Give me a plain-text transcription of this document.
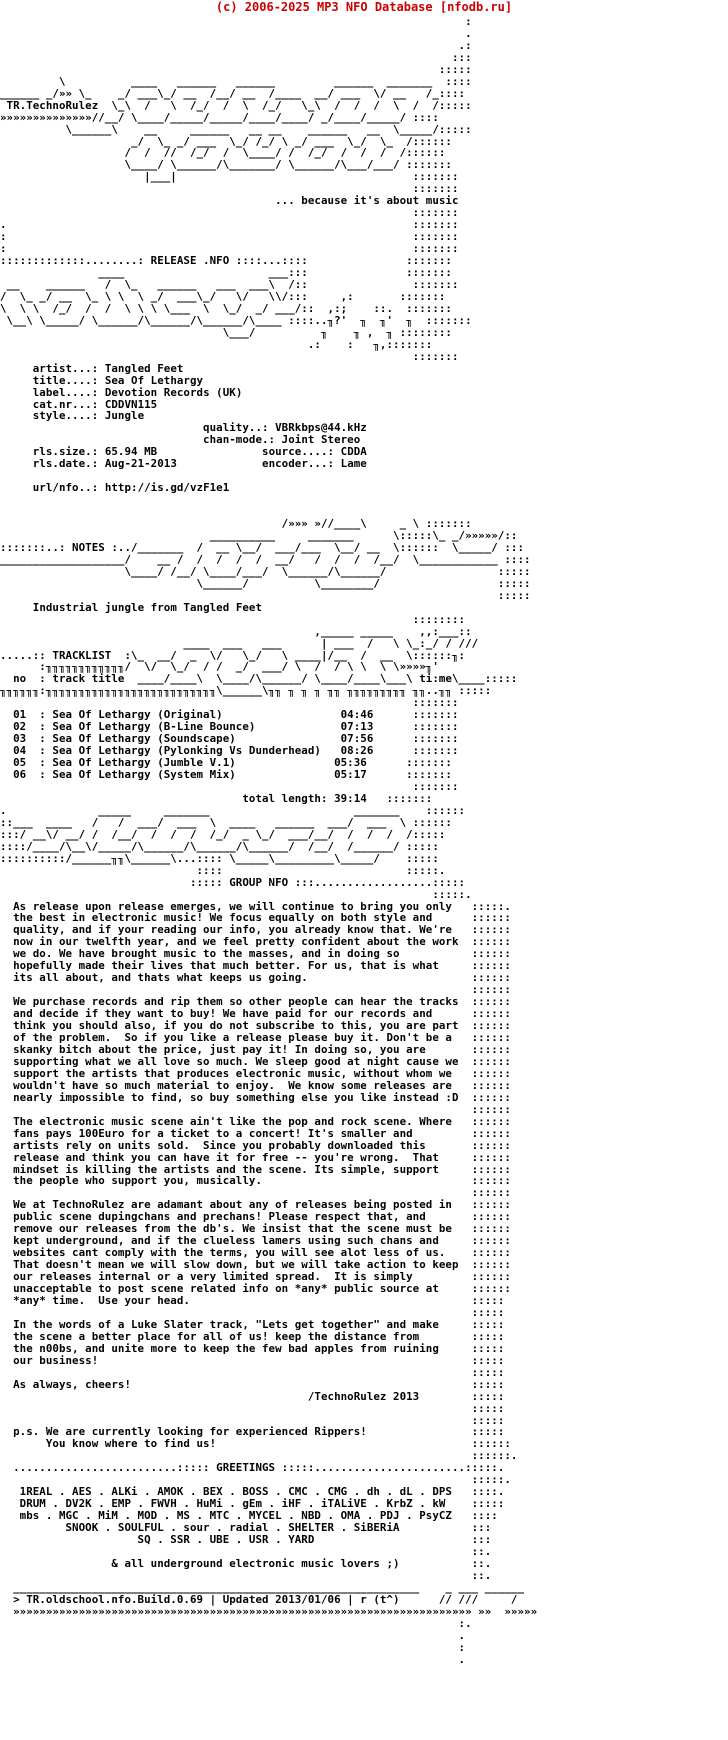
(c) 2006-2025 MP3 NFO Database [nfodb.ru]
:
.
.:
:::
:::::
\          ____   ______   ______         ______  _______  ::::
______ _/»» \_    _/ ___\_/ __  /__/ __  /____  __/ ___  \/ __   /_::::
TR.TechnoRulez  \_\  /   \  /_/  /  \  /_/   \_\  /  /  /  \  /  /:::::
»»»»»»»»»»»»»»//__/ \____/_____/_____/____/____/ _/____/_____/ ::::
\______\    __     ______   __ __    ______   __  \_____/:::::
_/  \_ _/ ___  \_/ /_/ \ _/ ___  \_/  \_  /::::::
/  /  //  /_/  /  \____/ /  /_/  /  /  /  /::::::
\____/ \______/\_______/ \______/\___/___/ :::::::
|___|                                    :::::::
:::::::
... because it's about music
:::::::
.                                                              :::::::
:                                                              :::::::
:                                                              :::::::
:::::::::::::........: RELEASE .NFO ::::...::::               :::::::
____                      ___:::               :::::::
__    ______   /  \_   ______   ___  ___\  /::                :::::::
/  \_ _/ __  \_ \ \  \ _/  ___\_/   \/   \\/:::     ,:       :::::::
\  \ \  /_/  /  /  \ \ \ \___  \  \_/  _/ ___/::  ,:;    ::.  :::::::
\__\ \_____/ \______/\______/\______/\____ ::::..╖?'  ╖  ╖'  ╖  :::::::
\___/          ╖    ╖ ,  ╖ ::::::::
.:    :   ╖,:::::::
:::::::
artist...: Tangled Feet
title....: Sea Of Lethargy
label....: Devotion Records (UK)
cat.nr...: CDDVN115
style....: Jungle
quality..: VBRkbps@44.kHz
chan-mode.: Joint Stereo
rls.size.: 65.94 MB                source....: CDDA
rls.date.: Aug-21-2013             encoder...: Lame

url/nfo..: http://is.gd/vzF1e1

/»»» »//____\     _ \ :::::::
__________     _______      \:::::\_ _/»»»»»/::
:::::::..: NOTES :../_______  /  __ \__/  ___/___  \__/ __  \::::::  \_____/ :::
___________________/    __ /  /  /  /  /  __/   /  /  /  /__/  \____________ ::::
\____/ /__/ \____/___/  \______/\______/                 :::::
\______/          \________/                  :::::
:::::
Industrial jungle from Tangled Feet
::::::::
,_____ _____    ,,:___::
____  ___   ___      | ___  /   \ \_:_/ / ///
.....:: TRACKLIST  :\_  __/  _  \/   \_/   \ ____|/__  /  __  \::::::╖:
:╖╖╖╖╖╖╖╖╖╖╖╖/  \/  \_/  / /  _/  ___/ \  /  / \ \  \ \»»»»╖'
no  : track title  ____/____\  \____/\______/ \____/____\___\ ti:me\____:::::
╖╖╖╖╖╖:╖╖╖╖╖╖╖╖╖╖╖╖╖╖╖╖╖╖╖╖╖╖╖╖╖╖\______\╖╖ ╖ ╖ ╖ ╖╖ ╖╖╖╖╖╖╖╖╖ ╖╖..╖╖ :::::
:::::::
01  : Sea Of Lethargy (Original)                  04:46      :::::::
02  : Sea Of Lethargy (B-Line Bounce)             07:13      :::::::
03  : Sea Of Lethargy (Soundscape)                07:56      :::::::
04  : Sea Of Lethargy (Pylonking Vs Dunderhead)   08:26      :::::::
05  : Sea Of Lethargy (Jumble V.1)               05:36      :::::::
06  : Sea Of Lethargy (System Mix)               05:17      :::::::
:::::::
total length: 39:14   :::::::
.              _____     _______                      _______    ::::::
::___  ____   /   /  ___/  ___  \  ____   ______  ___/  ___  \ ::::::
:::/ __\/ __/ /  /__/  /  /  /  /_/  _ \_/  ___/__/  /  /  /  /:::::
::::/____/\__\/_____/\______/\______/\______/  /__/  /______/ :::::
::::::::::/______╖╖\______\...:::: \_____\_________\_____/    :::::
::::                            :::::.
::::: GROUP NFO :::..................:::::
:::::.
As release upon release emerges, we will continue to bring you only   :::::.
the best in electronic music! We focus equally on both style and      ::::::
quality, and if your reading our info, you already know that. We're   ::::::
now in our twelfth year, and we feel pretty confident about the work  ::::::
we do. We have brought music to the masses, and in doing so           ::::::
hopefully made their lives that much better. For us, that is what     ::::::
its all about, and thats what keeps us going.                         ::::::
::::::
We purchase records and rip them so other people can hear the tracks  ::::::
and decide if they want to buy! We have paid for our records and      ::::::
think you should also, if you do not subscribe to this, you are part  ::::::
of the problem.  So if you like a release please buy it. Don't be a   ::::::
skanky bitch about the price, just pay it! In doing so, you are       ::::::
supporting what we all love so much. We sleep good at night cause we  ::::::
support the artists that produces electronic music, without whom we   ::::::
wouldn't have so much material to enjoy.  We know some releases are   ::::::
nearly impossible to find, so buy something else you like instead :D  ::::::
::::::
The electronic music scene ain't like the pop and rock scene. Where   ::::::
fans pays 100Euro for a ticket to a concert! It's smaller and         ::::::
artists rely on units sold.  Since you probably downloaded this       ::::::
release and think you can have it for free -- you're wrong.  That     ::::::
mindset is killing the artists and the scene. Its simple, support     ::::::
the people who support you, musically.                                ::::::
::::::
We at TechnoRulez are adamant about any of releases being posted in   ::::::
public scene dupingchans and prechans! Please respect that, and       ::::::
remove our releases from the db's. We insist that the scene must be   ::::::
kept underground, and if the clueless lamers using such chans and     ::::::
websites cant comply with the terms, you will see alot less of us.    ::::::
That doesn't mean we will slow down, but we will take action to keep  ::::::
our releases internal or a very limited spread.  It is simply         ::::::
unacceptable to post scene related info on *any* public source at     ::::::
*any* time.  Use your head.                                           :::::
:::::
In the words of a Luke Slater track, "Lets get together" and make     :::::
the scene a better place for all of us! keep the distance from        :::::
the n00bs, and unite more to keep the few bad apples from ruining     :::::
our business!                                                         :::::
:::::
As always, cheers!                                                    :::::
/TechnoRulez 2013        :::::
:::::
:::::
p.s. We are currently looking for experienced Rippers!                :::::
You know where to find us!                                       ::::::
::::::.
.........................::::: GREETINGS :::::.......................:::::.
:::::.
1REAL . AES . ALKi . AMOK . BEX . BOSS . CMC . CMG . dh . dL . DPS   ::::.
DRUM . DV2K . EMP . FWVH . HuMi . gEm . iHF . iTALiVE . KrbZ . kW    :::::
mbs . MGC . MiM . MOD . MS . MTC . MYCEL . NBD . OMA . PDJ . PsyCZ   ::::
SNOOK . SOULFUL . sour . radial . SHELTER . SiBERiA           :::
SQ . SSR . UBE . USR . YARD                        :::
::.
& all underground electronic music lovers ;)           ::.
::.
______________________________________________________________    _ ___ ______
> TR.oldschool.nfo.Build.0.69 | Updated 2013/01/06 | r (t^)      // ///     /
»»»»»»»»»»»»»»»»»»»»»»»»»»»»»»»»»»»»»»»»»»»»»»»»»»»»»»»»»»»»»»»»»»»»»» »»  »»»»»
:.
.
:
.
